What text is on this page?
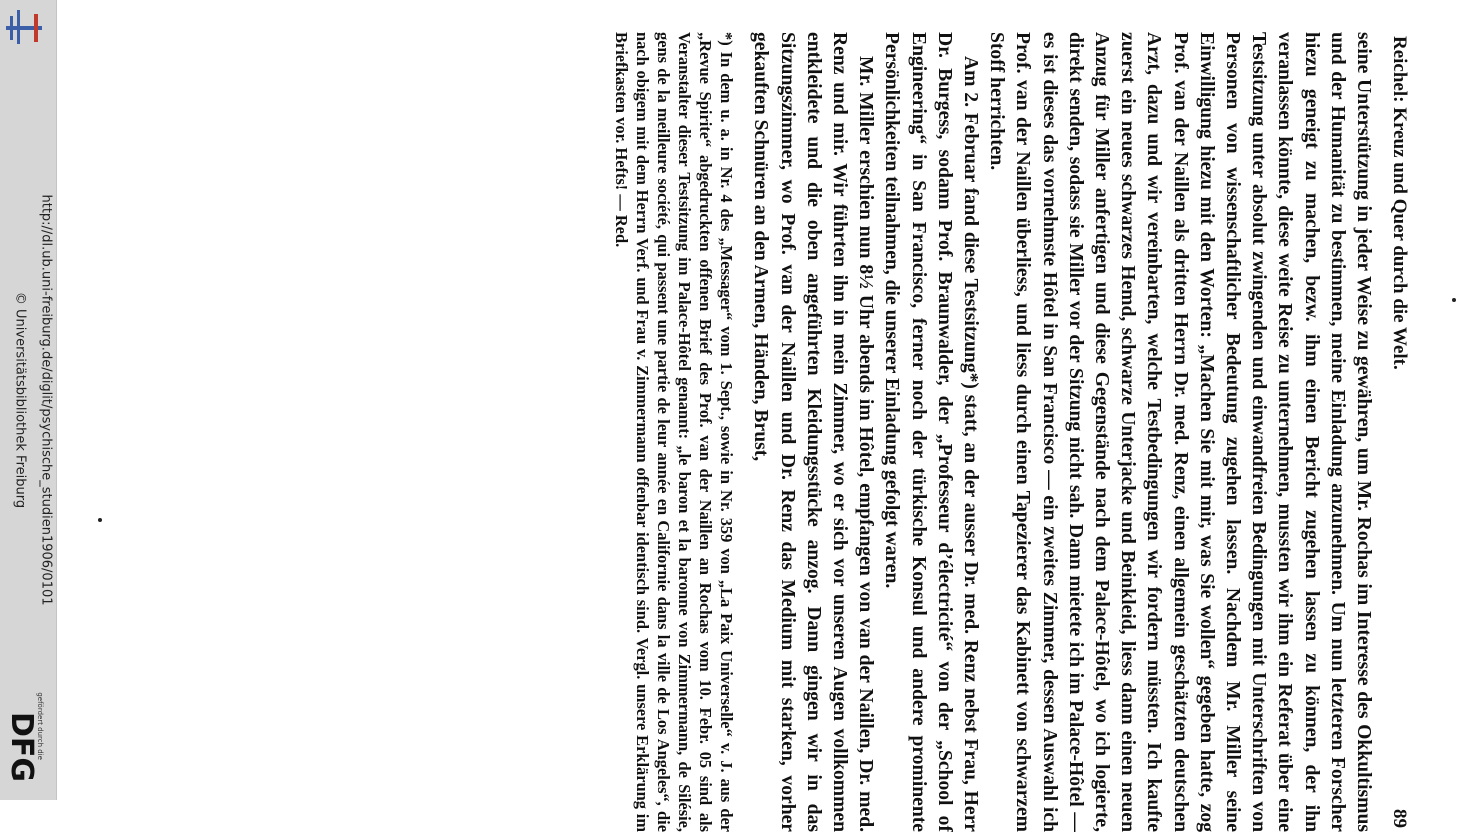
http://dl.ub.uni-freiburg.de/diglit/psychische_studien1906/0101
© Universitätsbibliothek Freiburg
gefördert durch die
DFG
Reichel: Kreuz und Quer durch die Welt.
89

seine Unterstützung in jeder Weise zu gewähren, um Mr. Rochas im Interesse des Okkultismus und der Humanität zu bestimmen, meine Einladung anzunehmen. Um nun letzteren Forscher hiezu geneigt zu machen, bezw. ihm einen Bericht zugehen lassen zu können, der ihn veranlassen könnte, diese weite Reise zu unternehmen, mussten wir ihm ein Referat über eine Testsitzung unter absolut zwingenden und einwandfreien Bedingungen mit Unterschriften von Personen von wissenschaftlicher Bedeutung zugehen lassen. Nachdem Mr. Miller seine Einwilligung hiezu mit den Worten: „Machen Sie mit mir, was Sie wollen“ gegeben hatte, zog Prof. van der Naillen als dritten Herrn Dr. med. Renz, einen allgemein geschätzten deutschen Arzt, dazu und wir vereinbarten, welche Testbedingungen wir fordern müssten. Ich kaufte zuerst ein neues schwarzes Hemd, schwarze Unterjacke und Beinkleid, liess dann einen neuen Anzug für Miller anfertigen und diese Gegenstände nach dem Palace-Hôtel, wo ich logierte, direkt senden, sodass sie Miller vor der Sitzung nicht sah. Dann mietete ich im Palace-Hôtel — es ist dieses das vornehmste Hôtel in San Francisco — ein zweites Zimmer, dessen Auswahl ich Prof. van der Naillen überliess, und liess durch einen Tapezierer das Kabinett von schwarzem Stoff herrichten.

Am 2. Februar fand diese Testsitzung*) statt, an der ausser Dr. med. Renz nebst Frau, Herr Dr. Burgess, sodann Prof. Braunwalder, der „Professeur d’électricité“ von der „School of Engineering“ in San Francisco, ferner noch der türkische Konsul und andere prominente Persönlichkeiten teilnahmen, die unserer Einladung gefolgt waren.

Mr. Miller erschien nun 8½ Uhr abends im Hôtel, empfangen von van der Naillen, Dr. med. Renz und mir. Wir führten ihn in mein Zimmer, wo er sich vor unseren Augen vollkommen entkleidete und die oben angeführten Kleidungsstücke anzog. Dann gingen wir in das Sitzungszimmer, wo Prof. van der Naillen und Dr. Renz das Medium mit starken, vorher gekauften Schnüren an den Armen, Händen, Brust,

*) In dem u. a. in Nr. 4 des „Messager“ vom 1. Sept., sowie in Nr. 359 von „La Paix Universelle“ v. J. aus der „Revue Spirite“ abgedruckten offenen Brief des Prof. van der Naillen an Rochas vom 10. Febr. 05 sind als Veranstalter dieser Testsitzung im Palace-Hôtel genannt: „le baron et la baronne von Zimmermann, de Silésie, gens de la meilleure société, qui passent une partie de leur année en Californie dans la ville de Los Angeles“, die nach obigem mit dem Herrn Verf. und Frau v. Zimmermann offenbar identisch sind. Vergl. unsere Erklärung im Briefkasten vor. Hefts! — Red.
